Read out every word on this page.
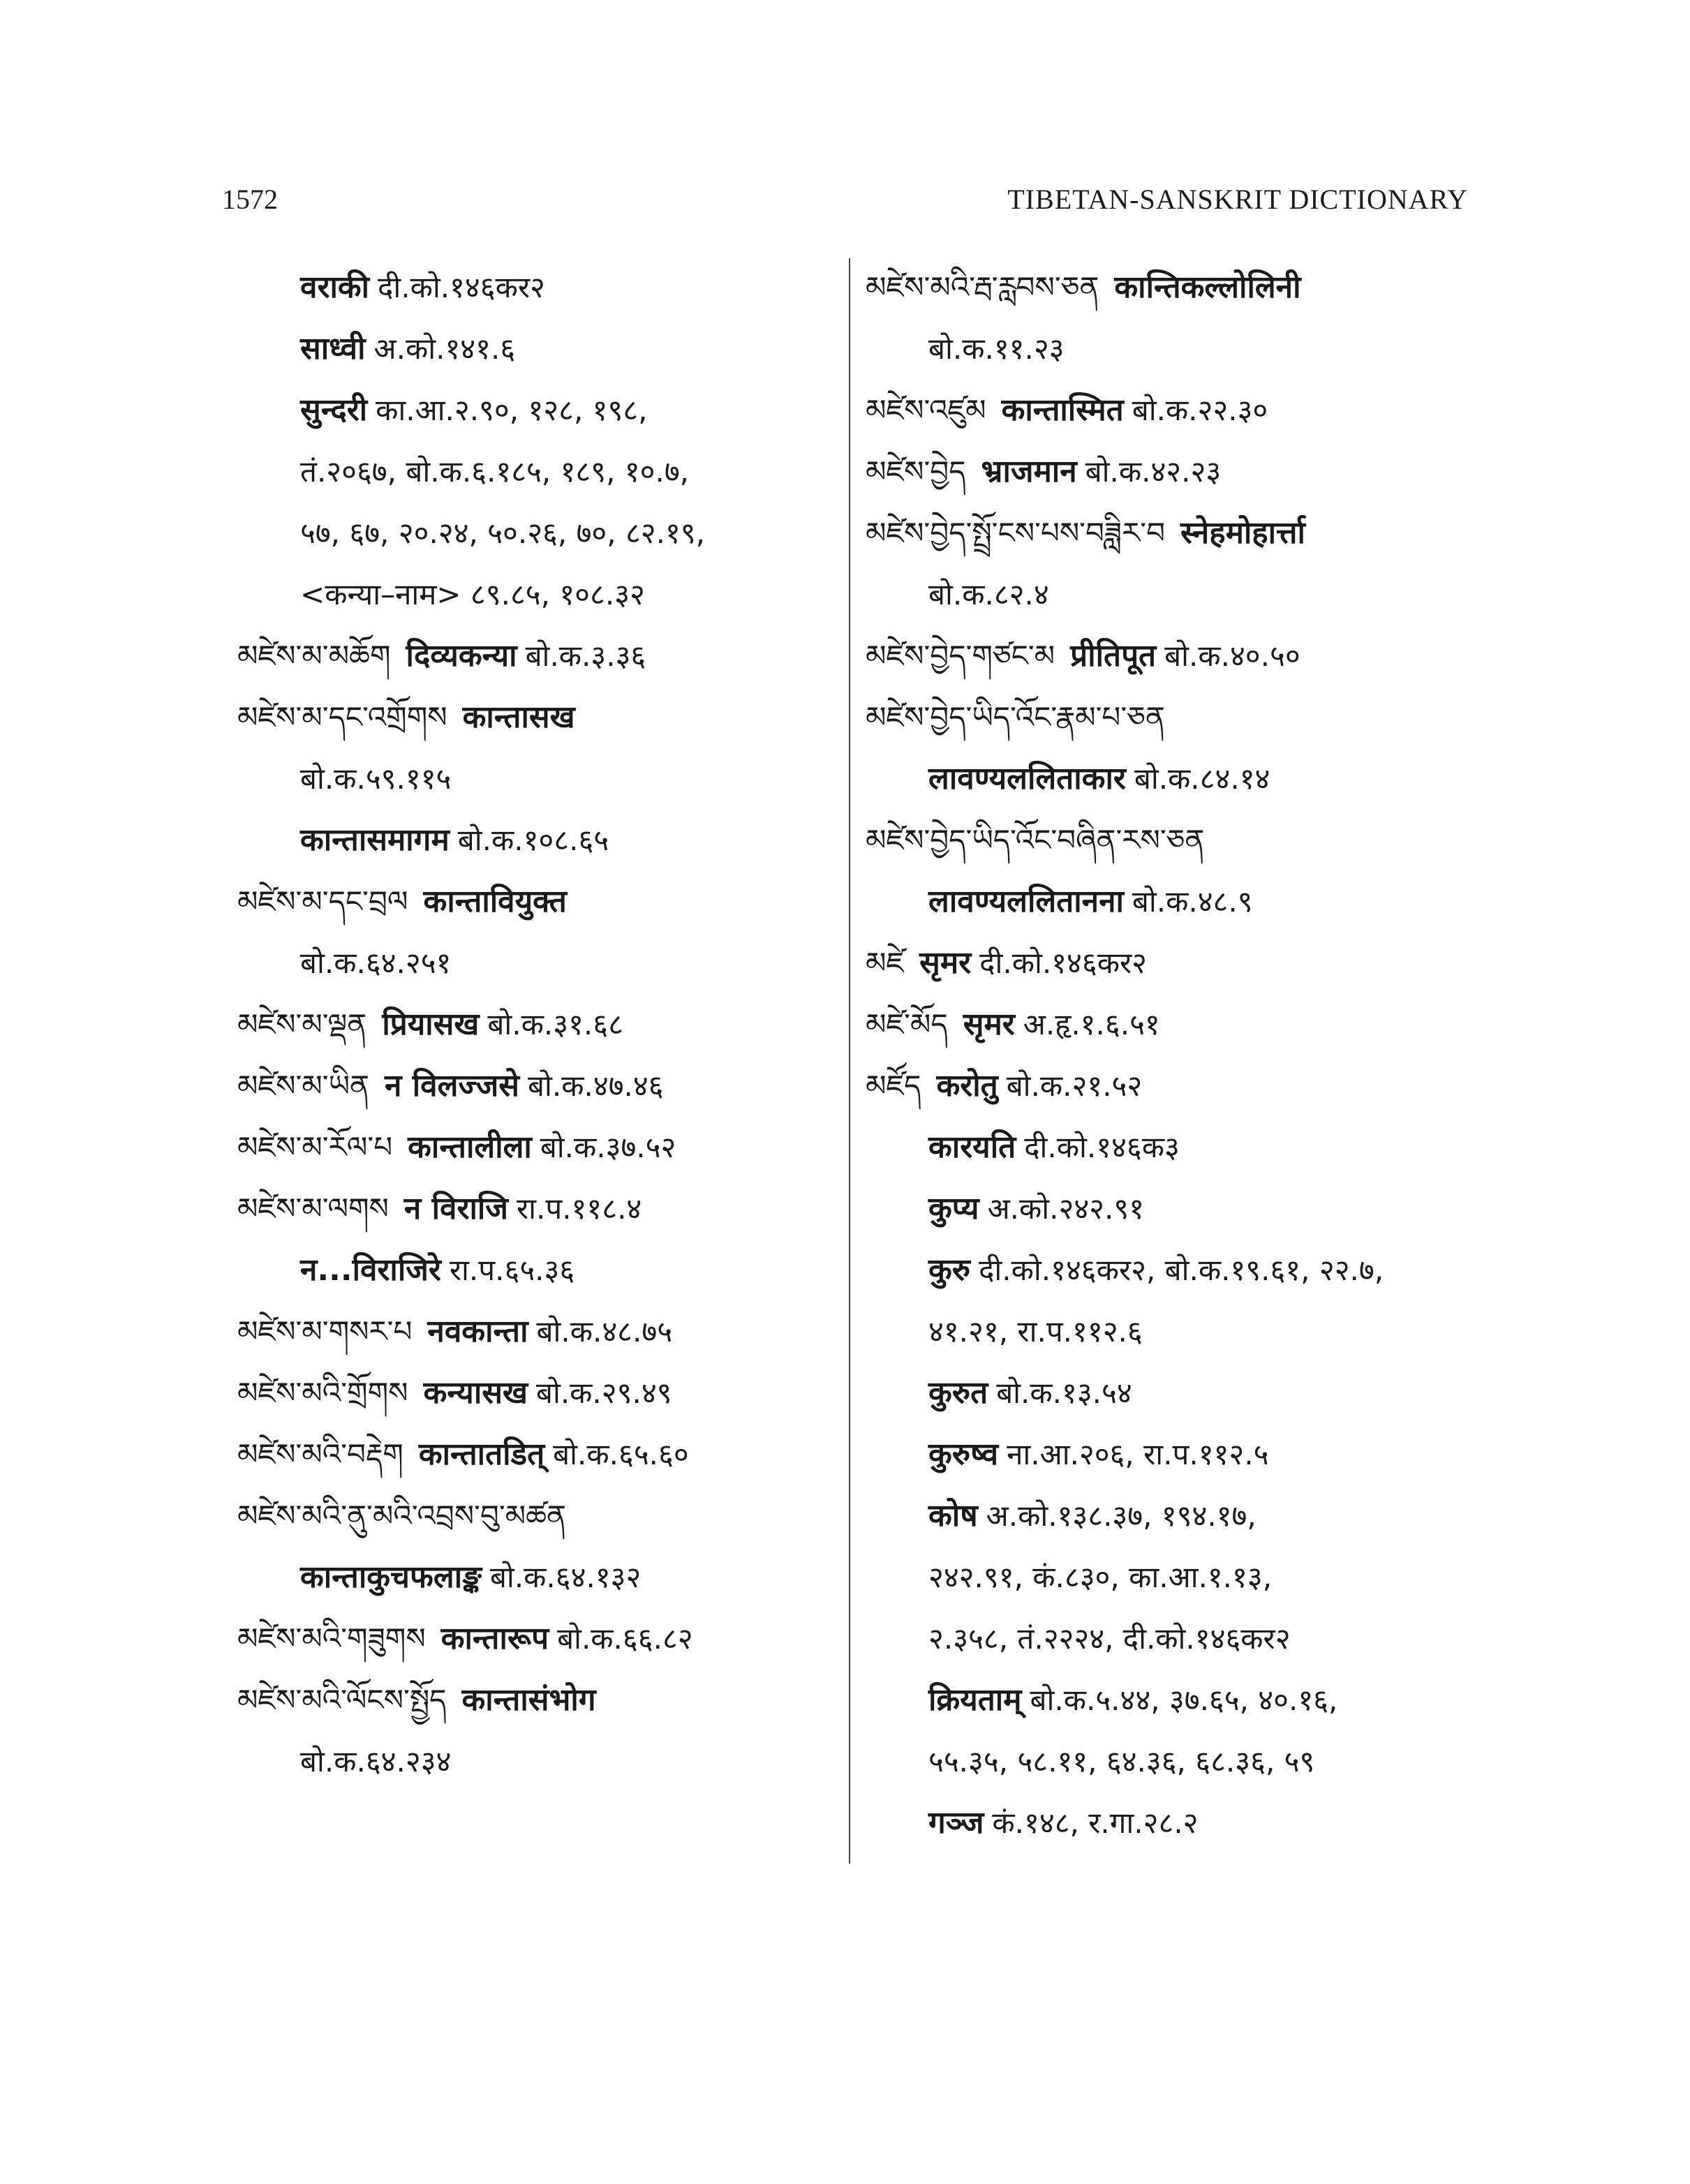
1572	TIBETAN-SANSKRIT DICTIONARY
वराकी दी.को.१४६कर२
साध्वी अ.को.१४१.६
सुन्दरी का.आ.२.९०, १२८, १९८,
तं.२०६७, बो.क.६.१८५, १८९, १०.७,
५७, ६७, २०.२४, ५०.२६, ७०, ८२.१९,
<कन्या–नाम> ८९.८५, १०८.३२
མཛེས་མ་མཆོག दिव्यकन्या बो.क.३.३६
མཛེས་མ་དང་འགྲོགས कान्तासख
बो.क.५९.११५
कान्तासमागम बो.क.१०८.६५
མཛེས་མ་དང་བྲལ कान्तावियुक्त
बो.क.६४.२५१
མཛེས་མ་ལྡན प्रियासख बो.क.३१.६८
མཛེས་མ་ཡིན न विलज्जसे बो.क.४७.४६
མཛེས་མ་རོལ་པ कान्तालीला बो.क.३७.५२
མཛེས་མ་ལགས न विराजि रा.प.११८.४
न...विराजिरे रा.प.६५.३६
མཛེས་མ་གསར་པ नवकान्ता बो.क.४८.७५
མཛེས་མའི་གྲོགས कन्यासख बो.क.२९.४९
མཛེས་མའི་བརྡེག कान्तातडित् बो.क.६५.६०
མཛེས་མའི་ནུ་མའི་འབྲས་བུ་མཚན
कान्ताकुचफलाङ्क बो.क.६४.१३२
མཛེས་མའི་གཟུགས कान्तारूप बो.क.६६.८२
མཛེས་མའི་ལོངས་སྤྱོད कान्तासंभोग
बो.क.६४.२३४
མཛེས་མའི་རྦ་རླབས་ཅན कान्तिकल्लोलिनी
बो.क.११.२३
མཛེས་འཛུམ कान्तास्मित बो.क.२२.३०
མཛེས་བྱེད भ्राजमान बो.क.४२.२३
མཛེས་བྱེད་སྤྲོ་ངས་པས་བཟླིར་བ स्नेहमोहार्त्ता
बो.क.८२.४
མཛེས་བྱེད་གཙང་མ प्रीतिपूत बो.क.४०.५०
མཛེས་བྱེད་ཡིད་འོང་རྣམ་པ་ཅན
लावण्यललिताकार बो.क.८४.१४
མཛེས་བྱེད་ཡིད་འོང་བཞིན་རས་ཅན
लावण्यललितानना बो.क.४८.९
མཛེ सृमर दी.को.१४६कर२
མཛེ་མོད सृमर अ.हृ.१.६.५१
མཛོད करोतु बो.क.२१.५२
कारयति दी.को.१४६क३
कुप्य अ.को.२४२.९१
कुरु दी.को.१४६कर२, बो.क.१९.६१, २२.७,
४१.२१, रा.प.११२.६
कुरुत बो.क.१३.५४
कुरुष्व ना.आ.२०६, रा.प.११२.५
कोष अ.को.१३८.३७, १९४.१७,
२४२.९१, कं.८३०, का.आ.१.१३,
२.३५८, तं.२२२४, दी.को.१४६कर२
क्रियताम् बो.क.५.४४, ३७.६५, ४०.१६,
५५.३५, ५८.११, ६४.३६, ६८.३६, ५९
गञ्ज कं.१४८, र.गा.२८.२
